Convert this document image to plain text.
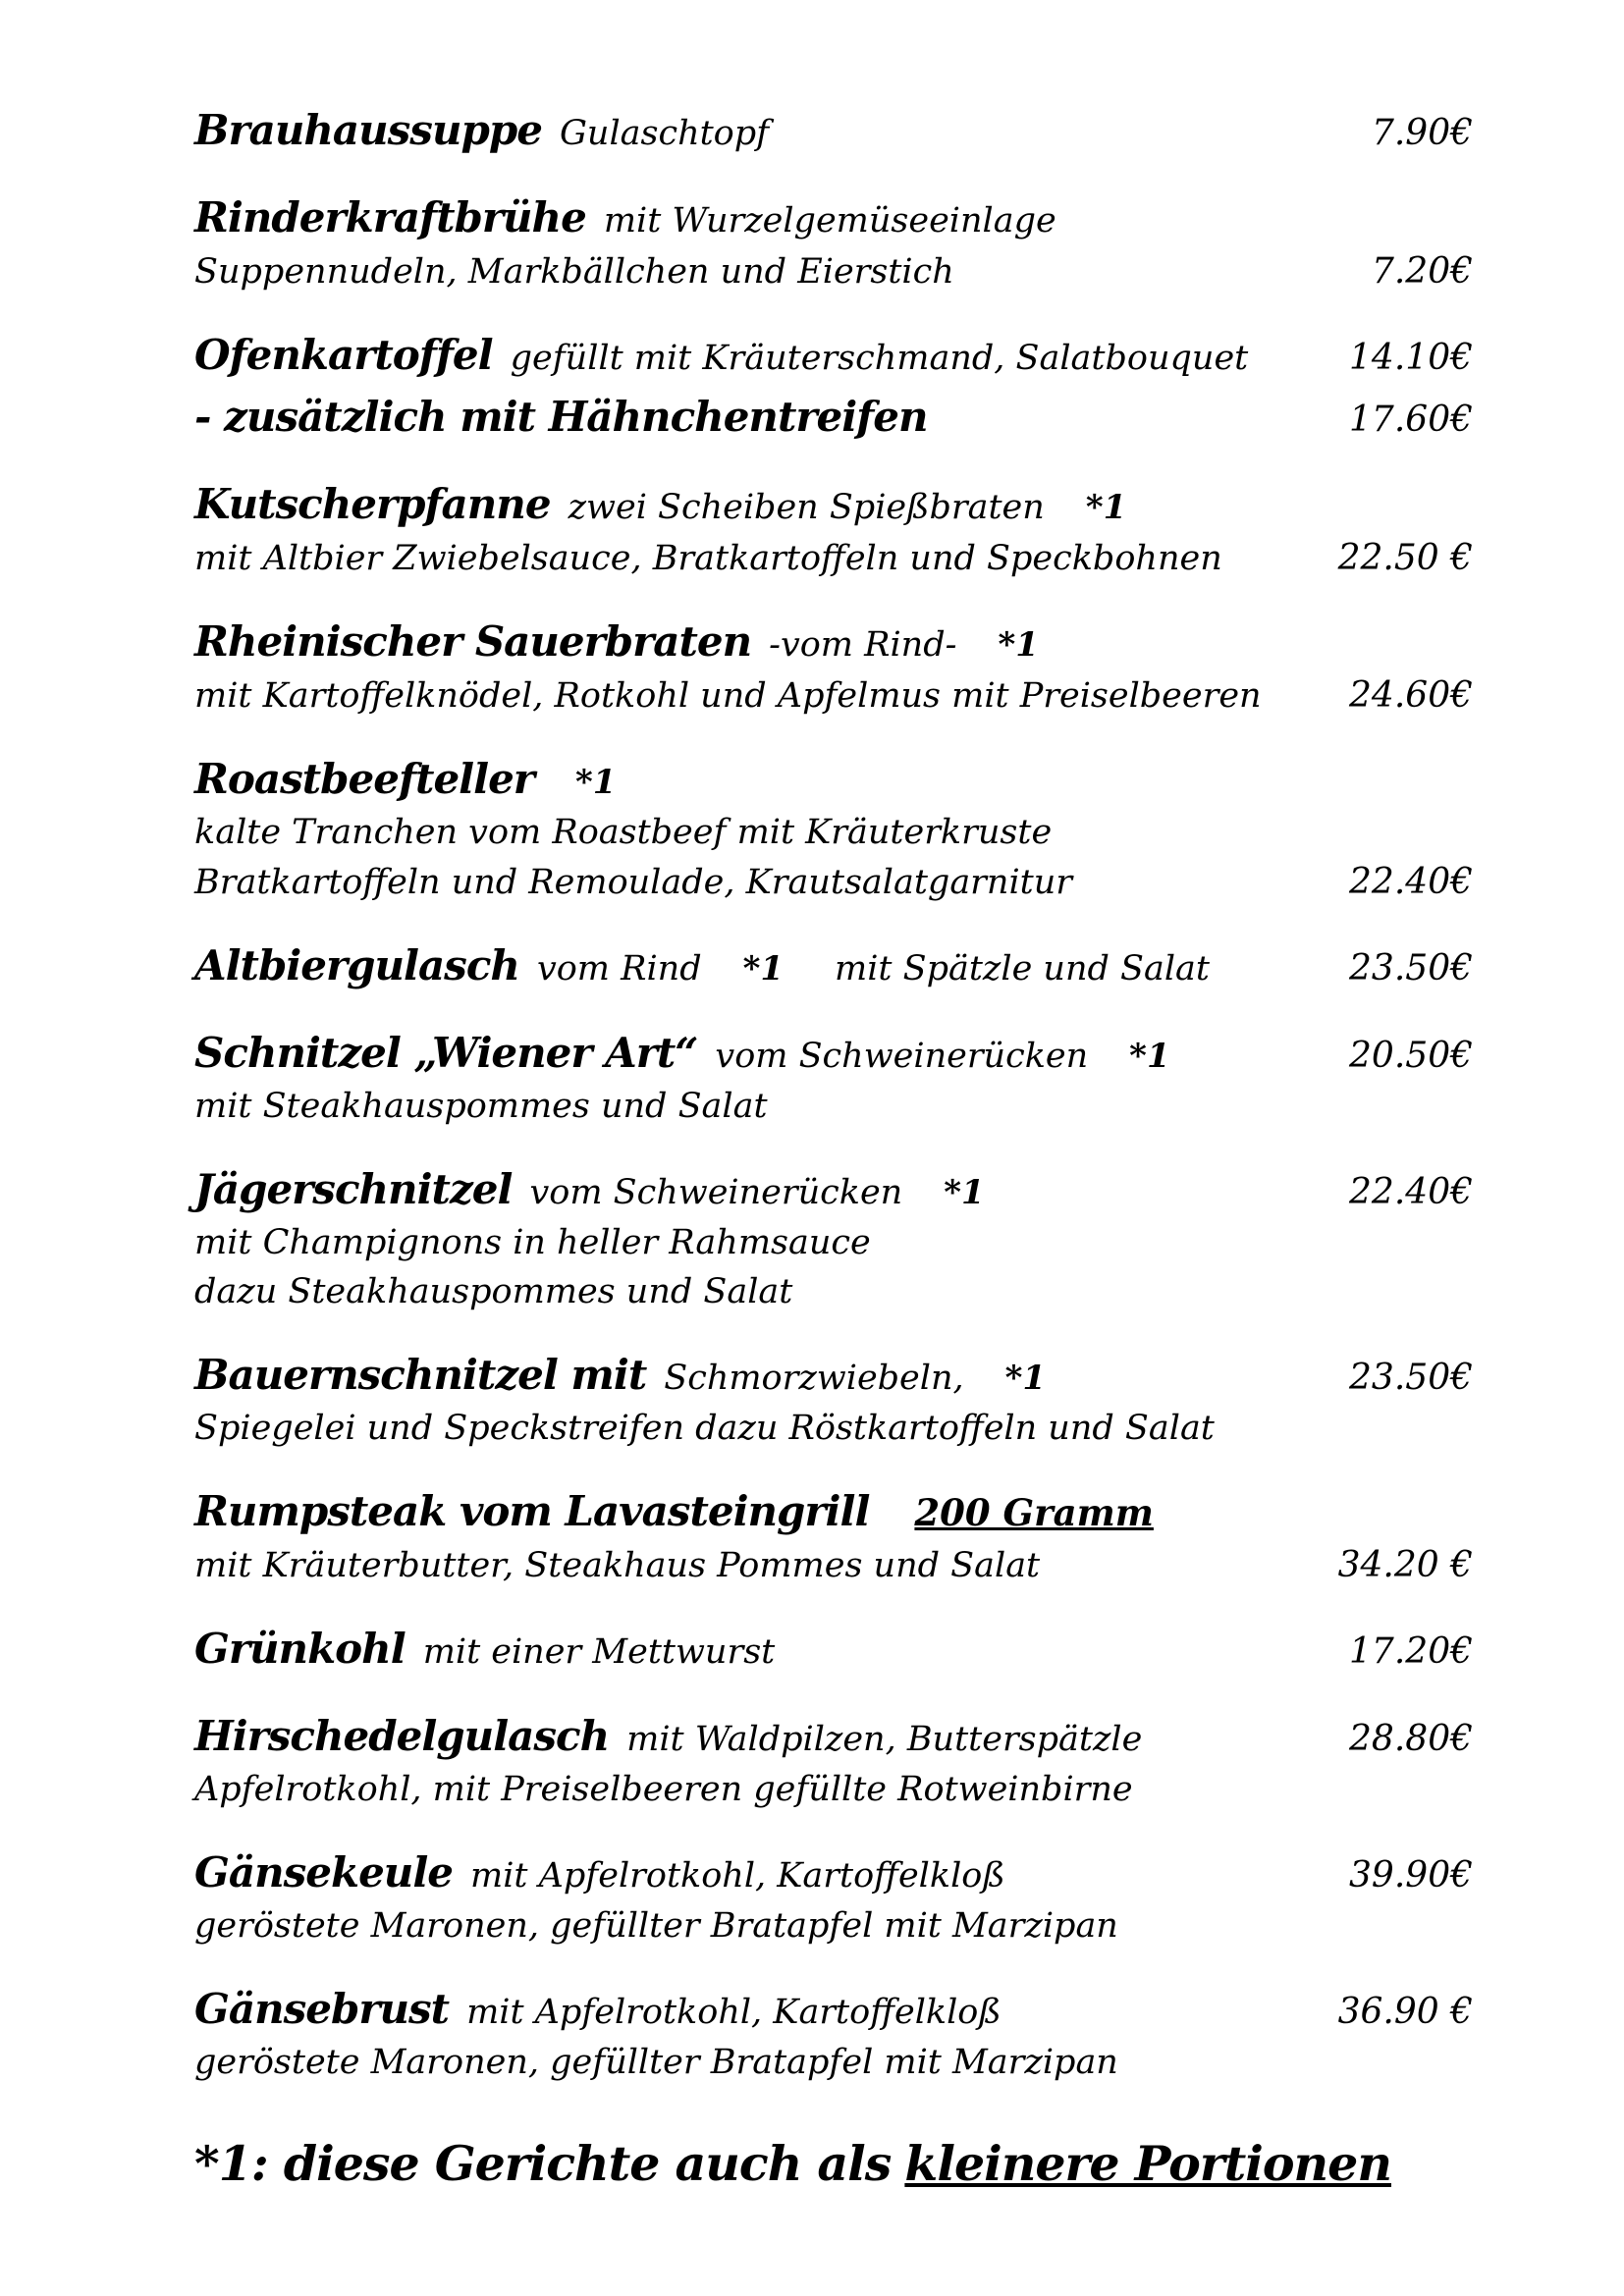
Brauhaussuppe Gulaschtopf	7.90€
Rinderkraftbrühe mit Wurzelgemüseeinlage
Suppennudeln, Markbällchen und Eierstich	7.20€
Ofenkartoffel gefüllt mit Kräuterschmand, Salatbouquet	14.10€
- zusätzlich mit Hähnchentreifen	17.60€
Kutscherpfanne zwei Scheiben Spießbraten *1
mit Altbier Zwiebelsauce, Bratkartoffeln und Speckbohnen	22.50 €
Rheinischer Sauerbraten -vom Rind- *1
mit Kartoffelknödel, Rotkohl und Apfelmus mit Preiselbeeren	24.60€
Roastbeefteller *1
kalte Tranchen vom Roastbeef mit Kräuterkruste
Bratkartoffeln und Remoulade, Krautsalatgarnitur	22.40€
Altbiergulasch vom Rind *1 mit Spätzle und Salat	23.50€
Schnitzel „Wiener Art“ vom Schweinerücken *1	20.50€
mit Steakhauspommes und Salat
Jägerschnitzel vom Schweinerücken *1	22.40€
mit Champignons in heller Rahmsauce
dazu Steakhauspommes und Salat
Bauernschnitzel mit Schmorzwiebeln, *1	23.50€
Spiegelei und Speckstreifen dazu Röstkartoffeln und Salat
Rumpsteak vom Lavasteingrill 200 Gramm
mit Kräuterbutter, Steakhaus Pommes und Salat	34.20 €
Grünkohl mit einer Mettwurst	17.20€
Hirschedelgulasch mit Waldpilzen, Butterspätzle	28.80€
Apfelrotkohl, mit Preiselbeeren gefüllte Rotweinbirne
Gänsekeule mit Apfelrotkohl, Kartoffelkloß	39.90€
geröstete Maronen, gefüllter Bratapfel mit Marzipan
Gänsebrust mit Apfelrotkohl, Kartoffelkloß	36.90 €
geröstete Maronen, gefüllter Bratapfel mit Marzipan
*1: diese Gerichte auch als kleinere Portionen
